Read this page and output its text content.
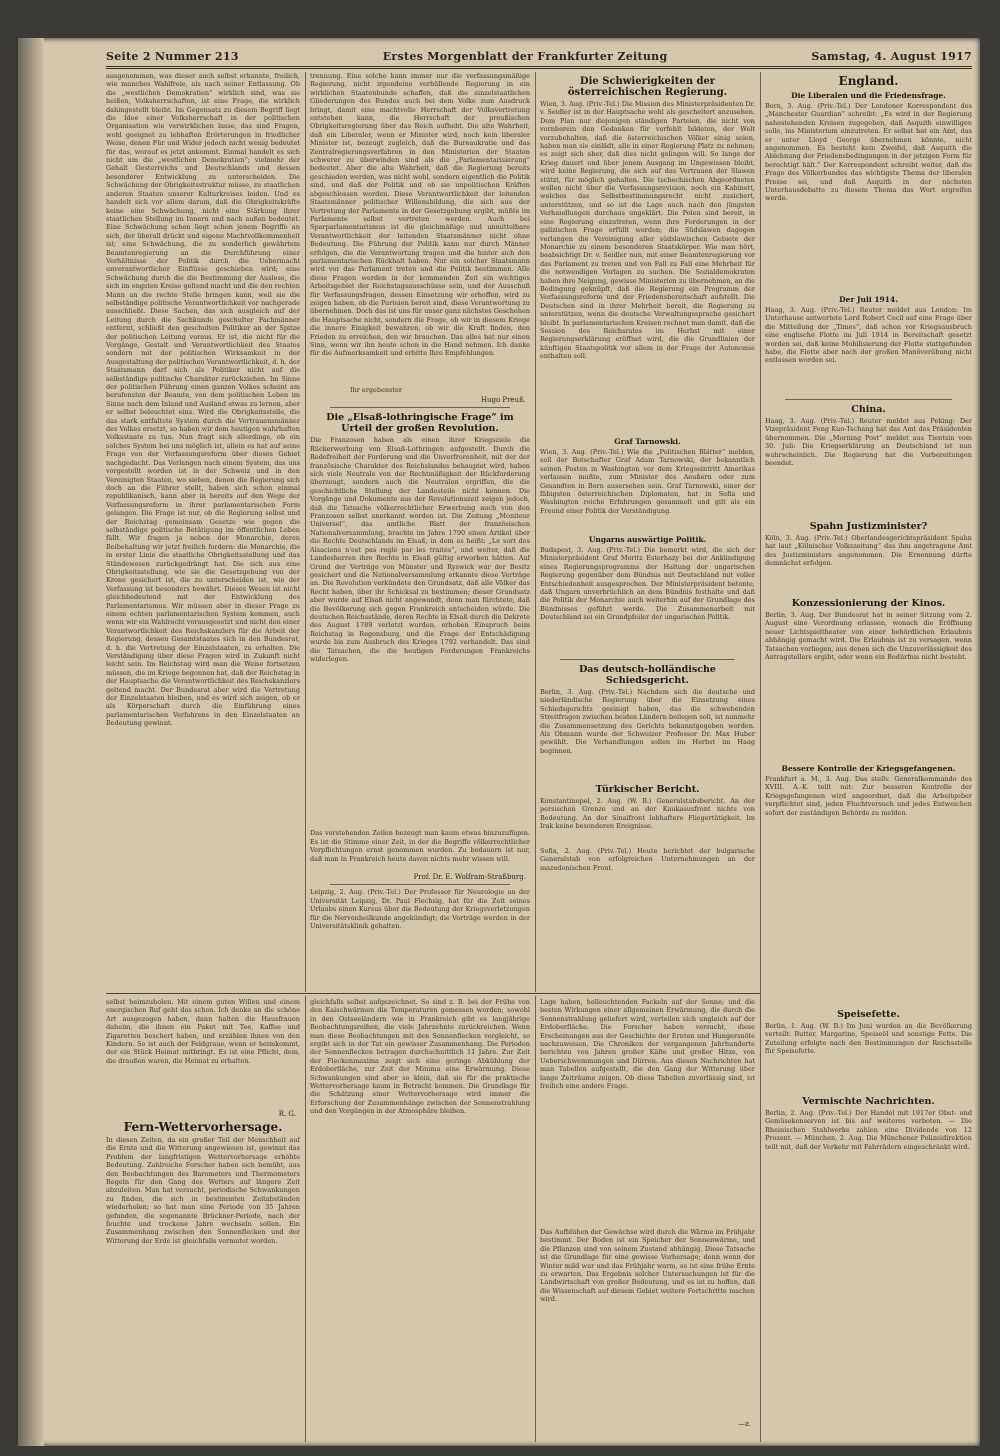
Seite 2 Nummer 213	Erstes Morgenblatt der Frankfurter Zeitung	Samstag, 4. August 1917
ausgenommen, was dieser auch selbst erkannte, freilich, wie manches Wahlfreie, als nach seiner Entlassung. Ob die „westlichen Demokratien“ wirklich sind, was sie heißen, Volksherrschaften, ist eine Frage, die wirklich dahingestellt bleibt. Im Gegensatz zu diesem Begriff liegt die Idee einer Volksherrschaft in der politischen Organisation wie verwirklichen lasse, das sind Fragen, wohl geeignet zu lebhaften Erörterungen in friedlicher Weise, denen Für und Wider jedoch nicht wenig bedeutet für das, worauf es jetzt ankommt. Einmal handelt es sich nicht um die „westlichen Demokratien“; vielmehr der Gehalt Oesterreichs und Deutschlands und dessen besonderer Entwicklung zu unterscheiden. Die Schwächung der Obrigkeitsstruktur müsse, zu staatlichen anderen Staaten unserer Kulturkreises leiden. Und es handelt sich vor allem darum, daß die Obrigkeitskräfte keine eine Schwächung, nicht eine Stärkung ihrer staatlichen Stellung im Innern und nach außen bedeutet. Eine Schwächung schon liegt schon jenem Begriffe an sich, der überall drückt und eigene Machtvollkommenheit ist; eine Schwächung, die zu sonderlich gewährtem Beamtenregierung an die Durchführung einer Verhältnisse der Politik durch die Uebermacht unverantwortlicher Einflüsse geschieben wird; eine Schwächung durch die die Bestimmung der Auslese, die sich im engsten Kreise geltend macht und die den rechten Mann an die rechte Stelle bringen kann, weil sie die selbständige politische Verantwortlichkeit vor nachgerade ausschließt. Diese Sachen, das sich ausgleich auf der Leitung durch die Sachkunde geschulter Fachmänner entfernt, schließt den geschulten Politiker an der Spitze der politischen Leitung voraus. Er ist, die nicht für die Vorgänge, Gestalt und Verantwortlichkeit des Staates sondern mit der politischen Wirksamkeit in der Ausgestaltung der politischen Verantwortlichkeit, d. h. der Staatsmann darf sich als Politiker nicht auf die selbständige politische Charakter zurückziehen. Im Sinne der politischen Führung einen ganzen Volkes scheint am berufensten der Beamte, von dem politischen Leben im Sinne nach dem Inland und Ausland etwas zu lernen, aber er selbst beleuchtet eins. Wird die Obrigkeitsstelle, die das stark entfaltete System durch die Vertrauensmänner des Volkes ersetzt, so haben wir dem heutigen wahrhaften Volksstaate zu tun. Nun fragt sich allerdings, ob ein solches System bei uns möglich ist, allein es hat auf seine Frage von der Verfassungsreform über dieses Gebiet nachgedacht. Das Verlangen nach einem System, das uns vorgestellt worden ist in der Schweiz und in den Vereinigten Staaten, wo sieben, denen die Regierung sich doch an die Führer stellt, haben sich schon einmal republikanisch, kann aber in bereits auf den Wege der Verfassungsreform in ihrer parlamentarischen Form gelangen. Die Frage ist nur, ob die Regierung selbst und der Reichstag gemeinsam Gesetze wie gegen die selbständige politische Betätigung im öffentlichen Leben fällt. Wir fragen ja neben der Monarchie, deren Beibehaltung wir jetzt freilich fordern: die Monarchie, die in erster Linie die staatliche Obrigkeitsstellung und das Ständewesen zurückgedrängt hat. Die sich aus eine Obrigkeitsstellung, wie sie die Gesetzgebung von der Krone gesichert ist, die zu unterscheiden ist, wie der Verfassung ist besonders bewährt. Dieses Wesen ist nicht gleichbedeutend mit der Entwicklung des Parlamentarismus. Wir müssen aber in dieser Frage zu einem echten parlamentarischen System kommen, auch wenn wir ein Wahlrecht vorausgesetzt und nicht den einer Verantwortlichkeit des Reichskanzlers für die Arbeit der Regierung, dessen Gesamtstaates sich in den Bundesrat, d. h. die Vertretung der Einzelstaaten, zu erhalten. Die Verständigung über diese Fragen wird in Zukunft nicht leicht sein. Im Reichstag wird man die Weise fortsetzen müssen, die im Kriege begonnen hat, daß der Reichstag in der Hauptsache die Verantwortlichkeit des Reichskanzlers geltend macht. Der Bundesrat aber wird die Vertretung der Einzelstaaten bleiben, und es wird sich zeigen, ob er als Körperschaft durch die Einführung eines parlamentarischen Verfahrens in den Einzelstaaten an Bedeutung gewinnt.
trennung. Eine solche kann immer nur die verfassungsmäßige Regierung, nicht irgendeine verhüllende Regierung in ein wirklichen Staatenbunde schaffen, daß die einzelstaatlichen Gliederungen des Bundes auch bei dem Volke zum Ausdruck bringt, damit eine machtvolle Herrschaft der Volksvertretung entstehen kann, die Herrschaft der preußischen Obrigkeitsregierung über das Reich aufhebt. Die alte Wahrheit, daß ein Liberaler, wenn er Minister wird, noch kein liberaler Minister ist, bezeugt zugleich, daß die Bureaukratie und das Zentralregierungsverfahren in den Ministerien der Staaten schwerer zu überwinden sind als die „Parlamentarisierung“ bedeutet. Aber die alte Wahrheit, daß die Regierung bereits geschieden werden, was nicht wohl, sondern eigentlich die Politik sind, und daß der Politik und ob sie unpolitischen Kräften abgeschlossen werden. Diese Verantwortlichkeit der leitenden Staatsmänner politischer Willensbildung, die sich aus der Vertretung der Parlamente in der Gesetzgebung ergibt, müßte im Parlamente selbst vertreten werden. Auch bei Sparparlamentarismus ist die gleichmäßige und unmittelbare Verantwortlichkeit der leitenden Staatsmänner nicht ohne Bedeutung. Die Führung der Politik kann nur durch Männer erfolgen, die die Verantwortung tragen und die hinter sich den parlamentarischen Rückhalt haben. Nur ein solcher Staatsmann wird vor das Parlament treten und die Politik bestimmen. Alle diese Fragen werden in der kommenden Zeit ein wichtiges Arbeitsgebiet der Reichstagsausschüsse sein, und der Ausschuß für Verfassungsfragen, dessen Einsetzung wir erhoffen, wird zu zeigen haben, ob die Parteien bereit sind, diese Verantwortung zu übernehmen. Doch das ist uns für unser ganz nächstes Geschehen die Hauptsache nicht, sondern die Frage, ob wir in diesem Kriege die innere Einigkeit bewahren, ob wir die Kraft finden, den Frieden zu erreichen, den wir brauchen. Das alles hat nur einen Sinn, wenn wir ihn heute schon in die Hand nehmen. Ich danke für die Aufmerksamkeit und erbitte Ihre Empfehlungen.
Ihr ergebenster
Hugo Preuß.
Die „Elsaß-lothringische Frage“ im Urteil der großen Revolution.
Die Franzosen haben als einen ihrer Kriegsziele die Rückerwerbung von Elsaß-Lothringen aufgestellt. Durch die Redefreiheit der Forderung und die Unverfrorenheit, mit der der französische Charakter des Reichslandes behauptet wird, haben sich viele Neutrale von der Rechtmäßigkeit der Rückforderung überzeugt, sondern auch die Neutralen ergriffen, die die geschichtliche Stellung der Landesteile nicht kennen. Die Vorgänge und Dokumente aus der Revolutionszeit zeigen jedoch, daß die Tatsache völkerrechtlicher Erwerbung auch von den Franzosen selbst anerkannt worden ist. Die Zeitung „Moniteur Universel“, das amtliche Blatt der französischen Nationalversammlung, brachte im Jahre 1790 einen Artikel über die Rechte Deutschlands im Elsaß, in dem es heißt: „Le sort des Alsaciens n'est pas reglé par les traités“, und weiter, daß die Landesherren ihre Rechte in Elsaß gültig erworben hätten. Auf Grund der Verträge von Münster und Ryswick war der Besitz gesichert und die Nationalversammlung erkannte diese Verträge an. Die Revolution verkündete den Grundsatz, daß alle Völker das Recht haben, über ihr Schicksal zu bestimmen; dieser Grundsatz aber wurde auf Elsaß nicht angewandt, denn man fürchtete, daß die Bevölkerung sich gegen Frankreich entscheiden würde. Die deutschen Reichsstände, deren Rechte in Elsaß durch die Dekrete des August 1789 verletzt wurden, erhoben Einspruch beim Reichstag in Regensburg, und die Frage der Entschädigung wurde bis zum Ausbruch des Krieges 1792 verhandelt. Das sind die Tatsachen, die die heutigen Forderungen Frankreichs widerlegen.
Das vorstehenden Zeilen bezeugt man kaum etwas hinzuzufügen. Es ist die Stimme einer Zeit, in der die Begriffe völkerrechtlicher Verpflichtungen ernst genommen wurden. Zu bedauern ist nur, daß man in Frankreich heute davon nichts mehr wissen will.
Prof. Dr. E. Wolfram-Straßburg.
Leipzig, 2. Aug. (Priv.-Tel.) Der Professor für Neurologie an der Universität Leipzig, Dr. Paul Flechsig, hat für die Zeit seines Urlaubs einen Kursus über die Bedeutung der Kriegsverletzungen für die Nervenheilkunde angekündigt; die Vorträge werden in der Universitätsklinik gehalten.
Die Schwierigkeiten der österreichischen Regierung.
Wien, 3. Aug. (Priv.-Tel.) Die Mission des Ministerpräsidenten Dr. v. Seidler ist in der Hauptsache wohl als gescheitert anzusehen. Dem Plan nur diejenigen ständigen Parteien, die nicht von vornherein den Gedanken für verfehlt bildeten, der Welt vorzubehalten, daß die österreichischen Völker einig seien, haben man sie einlädt, alle in einer Regierung Platz zu nehmen; es zeigt sich aber, daß dies nicht gelingen will. So lange der Krieg dauert und über jenem Ausgang im Ungewissen bleibt, wird keine Regierung, die sich auf das Vertrauen der Slawen stützt, für möglich gehalten. Die tschechischen Abgeordneten wollen nicht über die Verfassungsrevision, noch ein Kabinett, welches das Selbstbestimmungsrecht nicht zusichert, unterstützen, und so ist die Lage auch nach den jüngsten Verhandlungen durchaus ungeklärt. Die Polen sind bereit, in eine Regierung einzutreten, wenn ihre Forderungen in der galizischen Frage erfüllt werden; die Südslawen dagegen verlangen die Vereinigung aller südslawischen Gebiete der Monarchie zu einem besonderen Staatskörper. Wie man hört, beabsichtigt Dr. v. Seidler nun, mit einer Beamtenregierung vor das Parlament zu treten und von Fall zu Fall eine Mehrheit für die notwendigen Vorlagen zu suchen. Die Sozialdemokraten haben ihre Neigung, gewisse Ministerien zu übernehmen, an die Bedingung geknüpft, daß die Regierung ein Programm der Verfassungsreform und der Friedensbereitschaft aufstellt. Die Deutschen sind in ihrer Mehrheit bereit, die Regierung zu unterstützen, wenn die deutsche Verwaltungssprache gesichert bleibt. In parlamentarischen Kreisen rechnet man damit, daß die Session des Reichsrates im Herbst mit einer Regierungserklärung eröffnet wird, die die Grundlinien der künftigen Staatspolitik vor allem in der Frage der Autonomie enthalten soll.
Graf Tarnowski.
Wien, 3. Aug. (Priv.-Tel.) Wie die „Politischen Blätter“ melden, soll der Botschafter Graf Adam Tarnowski, der bekanntlich seinen Posten in Washington vor dem Kriegseintritt Amerikas verlassen mußte, zum Minister des Aeußern oder zum Gesandten in Bern ausersehen sein. Graf Tarnowski, einer der fähigsten österreichischen Diplomaten, hat in Sofia und Washington reiche Erfahrungen gesammelt und gilt als ein Freund einer Politik der Verständigung.
Ungarns auswärtige Politik.
Budapest, 3. Aug. (Priv.-Tel.) Die bemerkt wird, die sich der Ministerpräsident Graf Moritz Esterhazy bei der Ankündigung eines Regierungsprogramms der Haltung der ungarischen Regierung gegenüber dem Bündnis mit Deutschland mit voller Entschiedenheit ausgesprochen. Der Ministerpräsident betonte, daß Ungarn unverbrüchlich an dem Bündnis festhalte und daß die Politik der Monarchie auch weiterhin auf der Grundlage des Bündnisses geführt werde. Die Zusammenarbeit mit Deutschland sei ein Grundpfeiler der ungarischen Politik.
Das deutsch-holländische Schiedsgericht.
Berlin, 3. Aug. (Priv.-Tel.) Nachdem sich die deutsche und niederländische Regierung über die Einsetzung eines Schiedsgerichts geeinigt haben, das die schwebenden Streitfragen zwischen beiden Ländern beilegen soll, ist nunmehr die Zusammensetzung des Gerichts bekanntgegeben worden. Als Obmann wurde der Schweizer Professor Dr. Max Huber gewählt. Die Verhandlungen sollen im Herbst im Haag beginnen.
Türkischer Bericht.
Konstantinopel, 2. Aug. (W. B.) Generalstabsbericht. An der persischen Grenze und an der Kaukasusfront nichts von Bedeutung. An der Sinaifront lebhaftere Fliegertätigkeit. Im Irak keine besonderen Ereignisse.
Sofia, 2. Aug. (Priv.-Tel.) Heute berichtet der bulgarische Generalstab von erfolgreichen Unternehmungen an der mazedonischen Front.
England.
Die Liberalen und die Friedensfrage.
Bern, 3. Aug. (Priv.-Tel.) Der Londoner Korrespondent des „Manchester Guardian“ schreibt: „Es wird in der Regierung nahestehenden Kreisen zugegeben, daß Asquith einwilligen solle, ins Ministerium einzutreten. Er selbst hat ein Amt, das er unter Lloyd George übernehmen könnte, nicht angenommen. Es besteht kein Zweifel, daß Asquith die Ablehnung der Friedensbedingungen in der jetzigen Form für berechtigt hält.“ Der Korrespondent schreibt weiter, daß die Frage des Völkerbundes das wichtigste Thema der liberalen Presse sei, und daß Asquith in der nächsten Unterhausdebatte zu diesem Thema das Wort ergreifen werde.
Der Juli 1914.
Haag, 3. Aug. (Priv.-Tel.) Reuter meldet aus London: Im Unterhause antwortete Lord Robert Cecil auf eine Frage über die Mitteilung der „Times“, daß schon vor Kriegsausbruch eine englische Flotte im Juli 1914 in Bereitschaft gesetzt worden sei, daß keine Mobilisierung der Flotte stattgefunden habe, die Flotte aber nach der großen Manöverübung nicht entlassen worden sei.
China.
Haag, 3. Aug. (Priv.-Tel.) Reuter meldet aus Peking: Der Vizepräsident Feng Kuo-Tschang hat das Amt des Präsidenten übernommen. Die „Morning Post“ meldet aus Tientsin vom 30. Juli: Die Kriegserklärung an Deutschland ist nun wahrscheinlich. Die Regierung hat die Vorbereitungen beendet.
Spahn Justizminister?
Köln, 3. Aug. (Priv.-Tel.) Oberlandesgerichtspräsident Spahn hat laut „Kölnischer Volkszeitung“ das ihm angetragene Amt des Justizministers angenommen. Die Ernennung dürfte demnächst erfolgen.
Konzessionierung der Kinos.
Berlin, 3. Aug. Der Bundesrat hat in seiner Sitzung vom 2. August eine Verordnung erlassen, wonach die Eröffnung neuer Lichtspieltheater von einer behördlichen Erlaubnis abhängig gemacht wird. Die Erlaubnis ist zu versagen, wenn Tatsachen vorliegen, aus denen sich die Unzuverlässigkeit des Antragstellers ergibt, oder wenn ein Bedürfnis nicht besteht.
Bessere Kontrolle der Kriegsgefangenen.
Frankfurt a. M., 3. Aug. Das stellv. Generalkommando des XVIII. A.-K. teilt mit: Zur besseren Kontrolle der Kriegsgefangenen wird angeordnet, daß die Arbeitgeber verpflichtet sind, jeden Fluchtversuch und jedes Entweichen sofort der zuständigen Behörde zu melden.
Speisefette.
Berlin, 1. Aug. (W. B.) Im Juni wurden an die Bevölkerung verteilt: Butter, Margarine, Speiseöl und sonstige Fette. Die Zuteilung erfolgte nach den Bestimmungen der Reichsstelle für Speisefette.
Vermischte Nachrichten.
Berlin, 2. Aug. (Priv.-Tel.) Der Handel mit 1917er Obst- und Gemüsekonserven ist bis auf weiteres verboten. — Die Rheinischen Stahlwerke zahlen eine Dividende von 12 Prozent. — München, 2. Aug. Die Münchener Polizeidirektion teilt mit, daß der Verkehr mit Fahrrädern eingeschränkt wird.
selbst heimzuholen. Mit einem guten Willen und einem energischen Ruf geht das schon. Ich denke an die schöne Art ausgezogen haben, dann halten die Hausfrauen daheim, die ihnen ein Paket mit Tee, Kaffee und Zigaretten beschert haben, und erzählen ihnen von den Kindern. So ist auch der Feldgraue, wenn er heimkommt, der ein Stück Heimat mitbringt. Es ist eine Pflicht, dem, die draußen waren, die Heimat zu erhalten.
R. G.
Fern-Wettervorhersage.
In diesen Zeiten, da ein großer Teil der Menschheit auf die Ernte und die Witterung angewiesen ist, gewinnt das Problem der langfristigen Wettervorhersage erhöhte Bedeutung. Zahlreiche Forscher haben sich bemüht, aus den Beobachtungen des Barometers und Thermometers Regeln für den Gang des Wetters auf längere Zeit abzuleiten. Man hat versucht, periodische Schwankungen zu finden, die sich in bestimmten Zeitabständen wiederholen; so hat man eine Periode von 35 Jahren gefunden, die sogenannte Brückner-Periode, nach der feuchte und trockene Jahre wechseln sollen. Ein Zusammenhang zwischen den Sonnenflecken und der Witterung der Erde ist gleichfalls vermutet worden.
gleichfalls selbst aufgezeichnet. So sind z. B. bei der Frühe von den Kaischwärmen die Temperaturen gemessen worden; sowohl in den Ostseeländern wie in Frankreich gibt es langjährige Beobachtungsreihen, die viele Jahrzehnte zurückreichen. Wenn man diese Beobachtungen mit den Sonnenflecken vergleicht, so ergibt sich in der Tat ein gewisser Zusammenhang. Die Perioden der Sonnenflecken betragen durchschnittlich 11 Jahre. Zur Zeit der Fleckenmaxima zeigt sich eine geringe Abkühlung der Erdoberfläche, zur Zeit der Minima eine Erwärmung. Diese Schwankungen sind aber so klein, daß sie für die praktische Wettervorhersage kaum in Betracht kommen. Die Grundlage für die Schätzung einer Wettervorhersage wird immer die Erforschung der Zusammenhänge zwischen der Sonnenstrahlung und den Vorgängen in der Atmosphäre bleiben.
Lage haben, helleuchtenden Fackeln auf der Sonne; und die besten Wirkungen einer allgemeinen Erwärmung, die durch die Sonnenstrahlung geliefert wird, verteilen sich ungleich auf der Erdoberfläche. Die Forscher haben versucht, diese Erscheinungen aus der Geschichte der Ernten und Hungersnöte nachzuweisen. Die Chroniken der vergangenen Jahrhunderte berichten von Jahren großer Kälte und großer Hitze, von Ueberschwemmungen und Dürren. Aus diesen Nachrichten hat man Tabellen aufgestellt, die den Gang der Witterung über lange Zeiträume zeigen. Ob diese Tabellen zuverlässig sind, ist freilich eine andere Frage.
Das Aufblühen der Gewächse wird durch die Wärme im Frühjahr bestimmt. Der Boden ist ein Speicher der Sonnenwärme, und die Pflanzen sind von seinem Zustand abhängig. Diese Tatsache ist die Grundlage für eine gewisse Vorhersage; denn wenn der Winter mild war und das Frühjahr warm, so ist eine frühe Ernte zu erwarten. Das Ergebnis solcher Untersuchungen ist für die Landwirtschaft von großer Bedeutung, und es ist zu hoffen, daß die Wissenschaft auf diesem Gebiet weitere Fortschritte machen wird.
—z.
